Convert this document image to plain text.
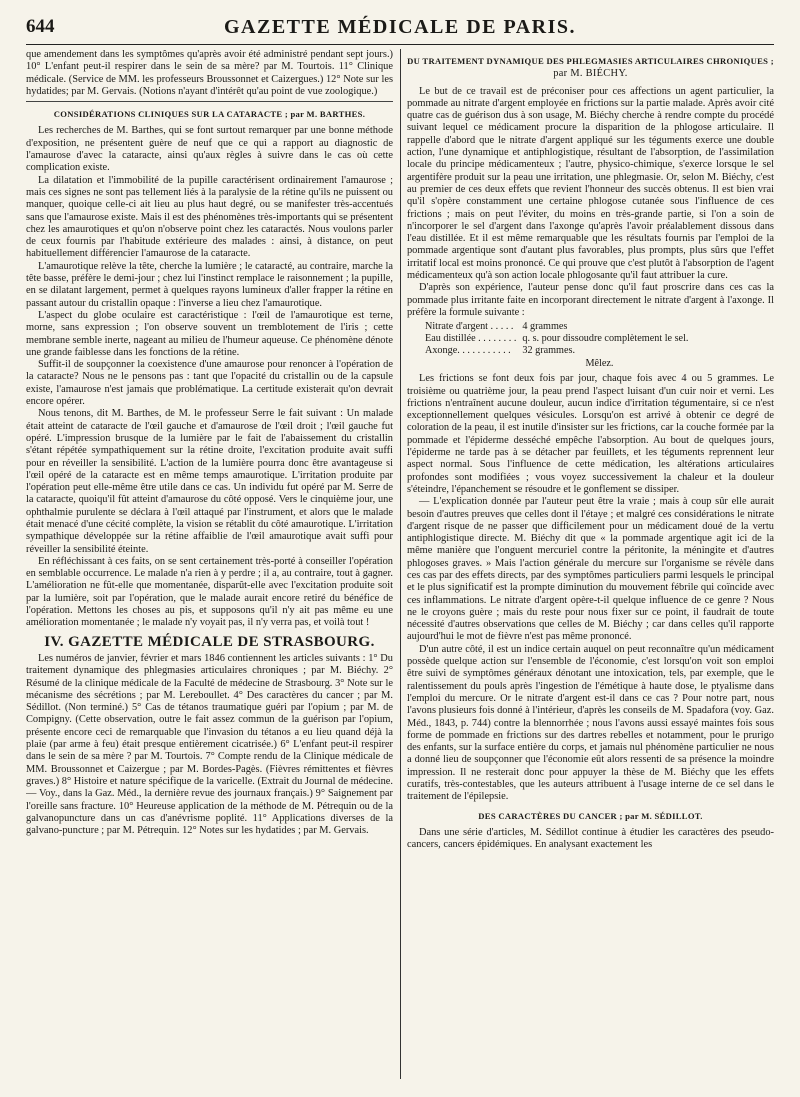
644	GAZETTE MÉDICALE DE PARIS.

que amendement dans les symptômes qu'après avoir été administré pendant sept jours.) 10° L'enfant peut-il respirer dans le sein de sa mère? par M. Tourtois. 11° Clinique médicale. (Service de MM. les professeurs Broussonnet et Caizergues.) 12° Note sur les hydatides; par M. Gervais. (Notions n'ayant d'intérêt qu'au point de vue zoologique.)

CONSIDÉRATIONS CLINIQUES SUR LA CATARACTE ; par M. BARTHES.

Les recherches de M. Barthes, qui se font surtout remarquer par une bonne méthode d'exposition, ne présentent guère de neuf que ce qui a rapport au diagnostic de l'amaurose d'avec la cataracte, ainsi qu'aux règles à suivre dans le cas où cette complication existe.

La dilatation et l'immobilité de la pupille caractérisent ordinairement l'amaurose ; mais ces signes ne sont pas tellement liés à la paralysie de la rétine qu'ils ne puissent ou manquer, quoique celle-ci ait lieu au plus haut degré, ou se manifester très-accentués sans que l'amaurose existe. Mais il est des phénomènes très-importants qui se présentent chez les amaurotiques et qu'on n'observe point chez les cataractés. Nous voulons parler de ceux fournis par l'habitude extérieure des malades : ainsi, à distance, on peut habituellement différencier l'amaurose de la cataracte.

L'amaurotique relève la tête, cherche la lumière ; le cataracté, au contraire, marche la tête basse, préfère le demi-jour ; chez lui l'instinct remplace le raisonnement ; la pupille, en se dilatant largement, permet à quelques rayons lumineux d'aller frapper la rétine en passant autour du cristallin opaque : l'inverse a lieu chez l'amaurotique.

L'aspect du globe oculaire est caractéristique : l'œil de l'amaurotique est terne, morne, sans expression ; l'on observe souvent un tremblotement de l'iris ; cette membrane semble inerte, nageant au milieu de l'humeur aqueuse. Ce phénomène dénote une grande faiblesse dans les fonctions de la rétine.

Suffit-il de soupçonner la coexistence d'une amaurose pour renoncer à l'opération de la cataracte? Nous ne le pensons pas : tant que l'opacité du cristallin ou de la capsule existe, l'amaurose n'est jamais que problématique. La certitude existerait qu'on devrait encore opérer.

Nous tenons, dit M. Barthes, de M. le professeur Serre le fait suivant : Un malade était atteint de cataracte de l'œil gauche et d'amaurose de l'œil droit ; l'œil gauche fut opéré. L'impression brusque de la lumière par le fait de l'abaissement du cristallin s'étant répétée sympathiquement sur la rétine droite, l'excitation produite avait suffi pour en réveiller la sensibilité. L'action de la lumière pourra donc être avantageuse si l'œil opéré de la cataracte est en même temps amaurotique. L'irritation produite par l'opération peut elle-même être utile dans ce cas. Un individu fut opéré par M. Serre de la cataracte, quoiqu'il fût atteint d'amaurose du côté opposé. Vers le cinquième jour, une ophthalmie purulente se déclara à l'œil attaqué par l'instrument, et alors que le malade était menacé d'une cécité complète, la vision se rétablit du côté amaurotique. L'irritation sympathique développée sur la rétine affaiblie de l'œil amaurotique avait suffi pour réveiller la sensibilité éteinte.

En réfléchissant à ces faits, on se sent certainement très-porté à conseiller l'opération en semblable occurrence. Le malade n'a rien à y perdre ; il a, au contraire, tout à gagner. L'amélioration ne fût-elle que momentanée, disparût-elle avec l'excitation produite soit par la lumière, soit par l'opération, que le malade aurait encore retiré du bénéfice de l'opération. Mettons les choses au pis, et supposons qu'il n'y ait pas même eu une amélioration momentanée ; le malade n'y voyait pas, il n'y verra pas, et voilà tout !

IV. GAZETTE MÉDICALE DE STRASBOURG.

Les numéros de janvier, février et mars 1846 contiennent les articles suivants : 1° Du traitement dynamique des phlegmasies articulaires chroniques ; par M. Biéchy. 2° Résumé de la clinique médicale de la Faculté de médecine de Strasbourg. 3° Note sur le mécanisme des sécrétions ; par M. Lereboullet. 4° Des caractères du cancer ; par M. Sédillot. (Non terminé.) 5° Cas de tétanos traumatique guéri par l'opium ; par M. de Compigny. (Cette observation, outre le fait assez commun de la guérison par l'opium, présente encore ceci de remarquable que l'invasion du tétanos a eu lieu quand déjà la plaie (par arme à feu) était presque entièrement cicatrisée.) 6° L'enfant peut-il respirer dans le sein de sa mère ? par M. Tourtois. 7° Compte rendu de la Clinique médicale de MM. Broussonnet et Caizergue ; par M. Bordes-Pagès. (Fièvres rémittentes et fièvres graves.) 8° Histoire et nature spécifique de la varicelle. (Extrait du Journal de médecine. — Voy., dans la Gaz. Méd., la dernière revue des journaux français.) 9° Saignement par l'oreille sans fracture. 10° Heureuse application de la méthode de M. Pétrequin ou de la galvanopuncture dans un cas d'anévrisme poplité. 11° Applications diverses de la galvano-puncture ; par M. Pétrequin. 12° Notes sur les hydatides ; par M. Gervais.

DU TRAITEMENT DYNAMIQUE DES PHLEGMASIES ARTICULAIRES CHRONIQUES ; par M. BIÉCHY.

Le but de ce travail est de préconiser pour ces affections un agent particulier, la pommade au nitrate d'argent employée en frictions sur la partie malade. Après avoir cité quatre cas de guérison dus à son usage, M. Biéchy cherche à rendre compte du procédé suivant lequel ce médicament procure la disparition de la phlogose articulaire. Il rappelle d'abord que le nitrate d'argent appliqué sur les téguments exerce une double action, l'une dynamique et antiphlogistique, résultant de l'absorption, de l'assimilation locale du principe médicamenteux ; l'autre, physico-chimique, s'exerce lorsque le sel argentifère produit sur la peau une irritation, une phlegmasie. Or, selon M. Biéchy, c'est au premier de ces deux effets que revient l'honneur des succès obtenus. Il est bien vrai qu'il s'opère constamment une certaine phlogose cutanée sous l'influence de ces frictions ; mais on peut l'éviter, du moins en très-grande partie, si l'on a soin de n'incorporer le sel d'argent dans l'axonge qu'après l'avoir préalablement dissous dans l'eau distillée. Et il est même remarquable que les résultats fournis par l'emploi de la pommade argentique sont d'autant plus favorables, plus prompts, plus sûrs que l'effet irritatif local est moins prononcé. Ce qui prouve que c'est plutôt à l'absorption de l'agent médicamenteux qu'à son action locale phlogosante qu'il faut attribuer la cure.

D'après son expérience, l'auteur pense donc qu'il faut proscrire dans ces cas la pommade plus irritante faite en incorporant directement le nitrate d'argent à l'axonge. Il préfère la formule suivante :

Nitrate d'argent . . . . .	4 grammes
Eau distillée . . . . . . . .	q. s. pour dissoudre complètement le sel.
Axonge. . . . . . . . . . .	32 grammes.
Mêlez.

Les frictions se font deux fois par jour, chaque fois avec 4 ou 5 grammes. Le troisième ou quatrième jour, la peau prend l'aspect luisant d'un cuir noir et verni. Les frictions n'entraînent aucune douleur, aucun indice d'irritation tégumentaire, si ce n'est exceptionnellement quelques vésicules. Lorsqu'on est arrivé à obtenir ce degré de coloration de la peau, il est inutile d'insister sur les frictions, car la couche formée par la pommade et l'épiderme desséché empêche l'absorption. Au bout de quelques jours, l'épiderme ne tarde pas à se détacher par feuillets, et les téguments reprennent leur aspect normal. Sous l'influence de cette médication, les altérations articulaires profondes sont modifiées ; vous voyez successivement la chaleur et la douleur s'éteindre, l'épanchement se résoudre et le gonflement se dissiper.

— L'explication donnée par l'auteur peut être la vraie ; mais à coup sûr elle aurait besoin d'autres preuves que celles dont il l'étaye ; et malgré ces considérations le nitrate d'argent risque de ne passer que difficilement pour un médicament doué de la vertu antiphlogistique directe. M. Biéchy dit que « la pommade argentique agit ici de la même manière que l'onguent mercuriel contre la péritonite, la méningite et d'autres phlogoses graves. » Mais l'action générale du mercure sur l'organisme se révèle dans ces cas par des effets directs, par des symptômes particuliers parmi lesquels le principal et le plus significatif est la prompte diminution du mouvement fébrile qui coïncide avec ces inflammations. Le nitrate d'argent opère-t-il quelque influence de ce genre ? Nous ne le croyons guère ; mais du reste pour nous fixer sur ce point, il faudrait de toute nécessité d'autres observations que celles de M. Biéchy ; car dans celles qu'il rapporte aujourd'hui le mot de fièvre n'est pas même prononcé.

D'un autre côté, il est un indice certain auquel on peut reconnaître qu'un médicament possède quelque action sur l'ensemble de l'économie, c'est lorsqu'on voit son emploi être suivi de symptômes généraux dénotant une intoxication, tels, par exemple, que le ralentissement du pouls après l'ingestion de l'émétique à haute dose, le ptyalisme dans l'emploi du mercure. Or le nitrate d'argent est-il dans ce cas ? Pour notre part, nous l'avons plusieurs fois donné à l'intérieur, d'après les conseils de M. Spadafora (voy. Gaz. Méd., 1843, p. 744) contre la blennorrhée ; nous l'avons aussi essayé maintes fois sous forme de pommade en frictions sur des dartres rebelles et notamment, pour le prurigo des enfants, sur la surface entière du corps, et jamais nul phénomène particulier ne nous a donné lieu de soupçonner que l'économie eût alors ressenti de sa présence la moindre impression. Il ne resterait donc pour appuyer la thèse de M. Biéchy que les effets curatifs, très-contestables, que les auteurs attribuent à l'usage interne de ce sel dans le traitement de l'épilepsie.

DES CARACTÈRES DU CANCER ; par M. SÉDILLOT.

Dans une série d'articles, M. Sédillot continue à étudier les caractères des pseudo-cancers, cancers épidémiques. En analysant exactement les
